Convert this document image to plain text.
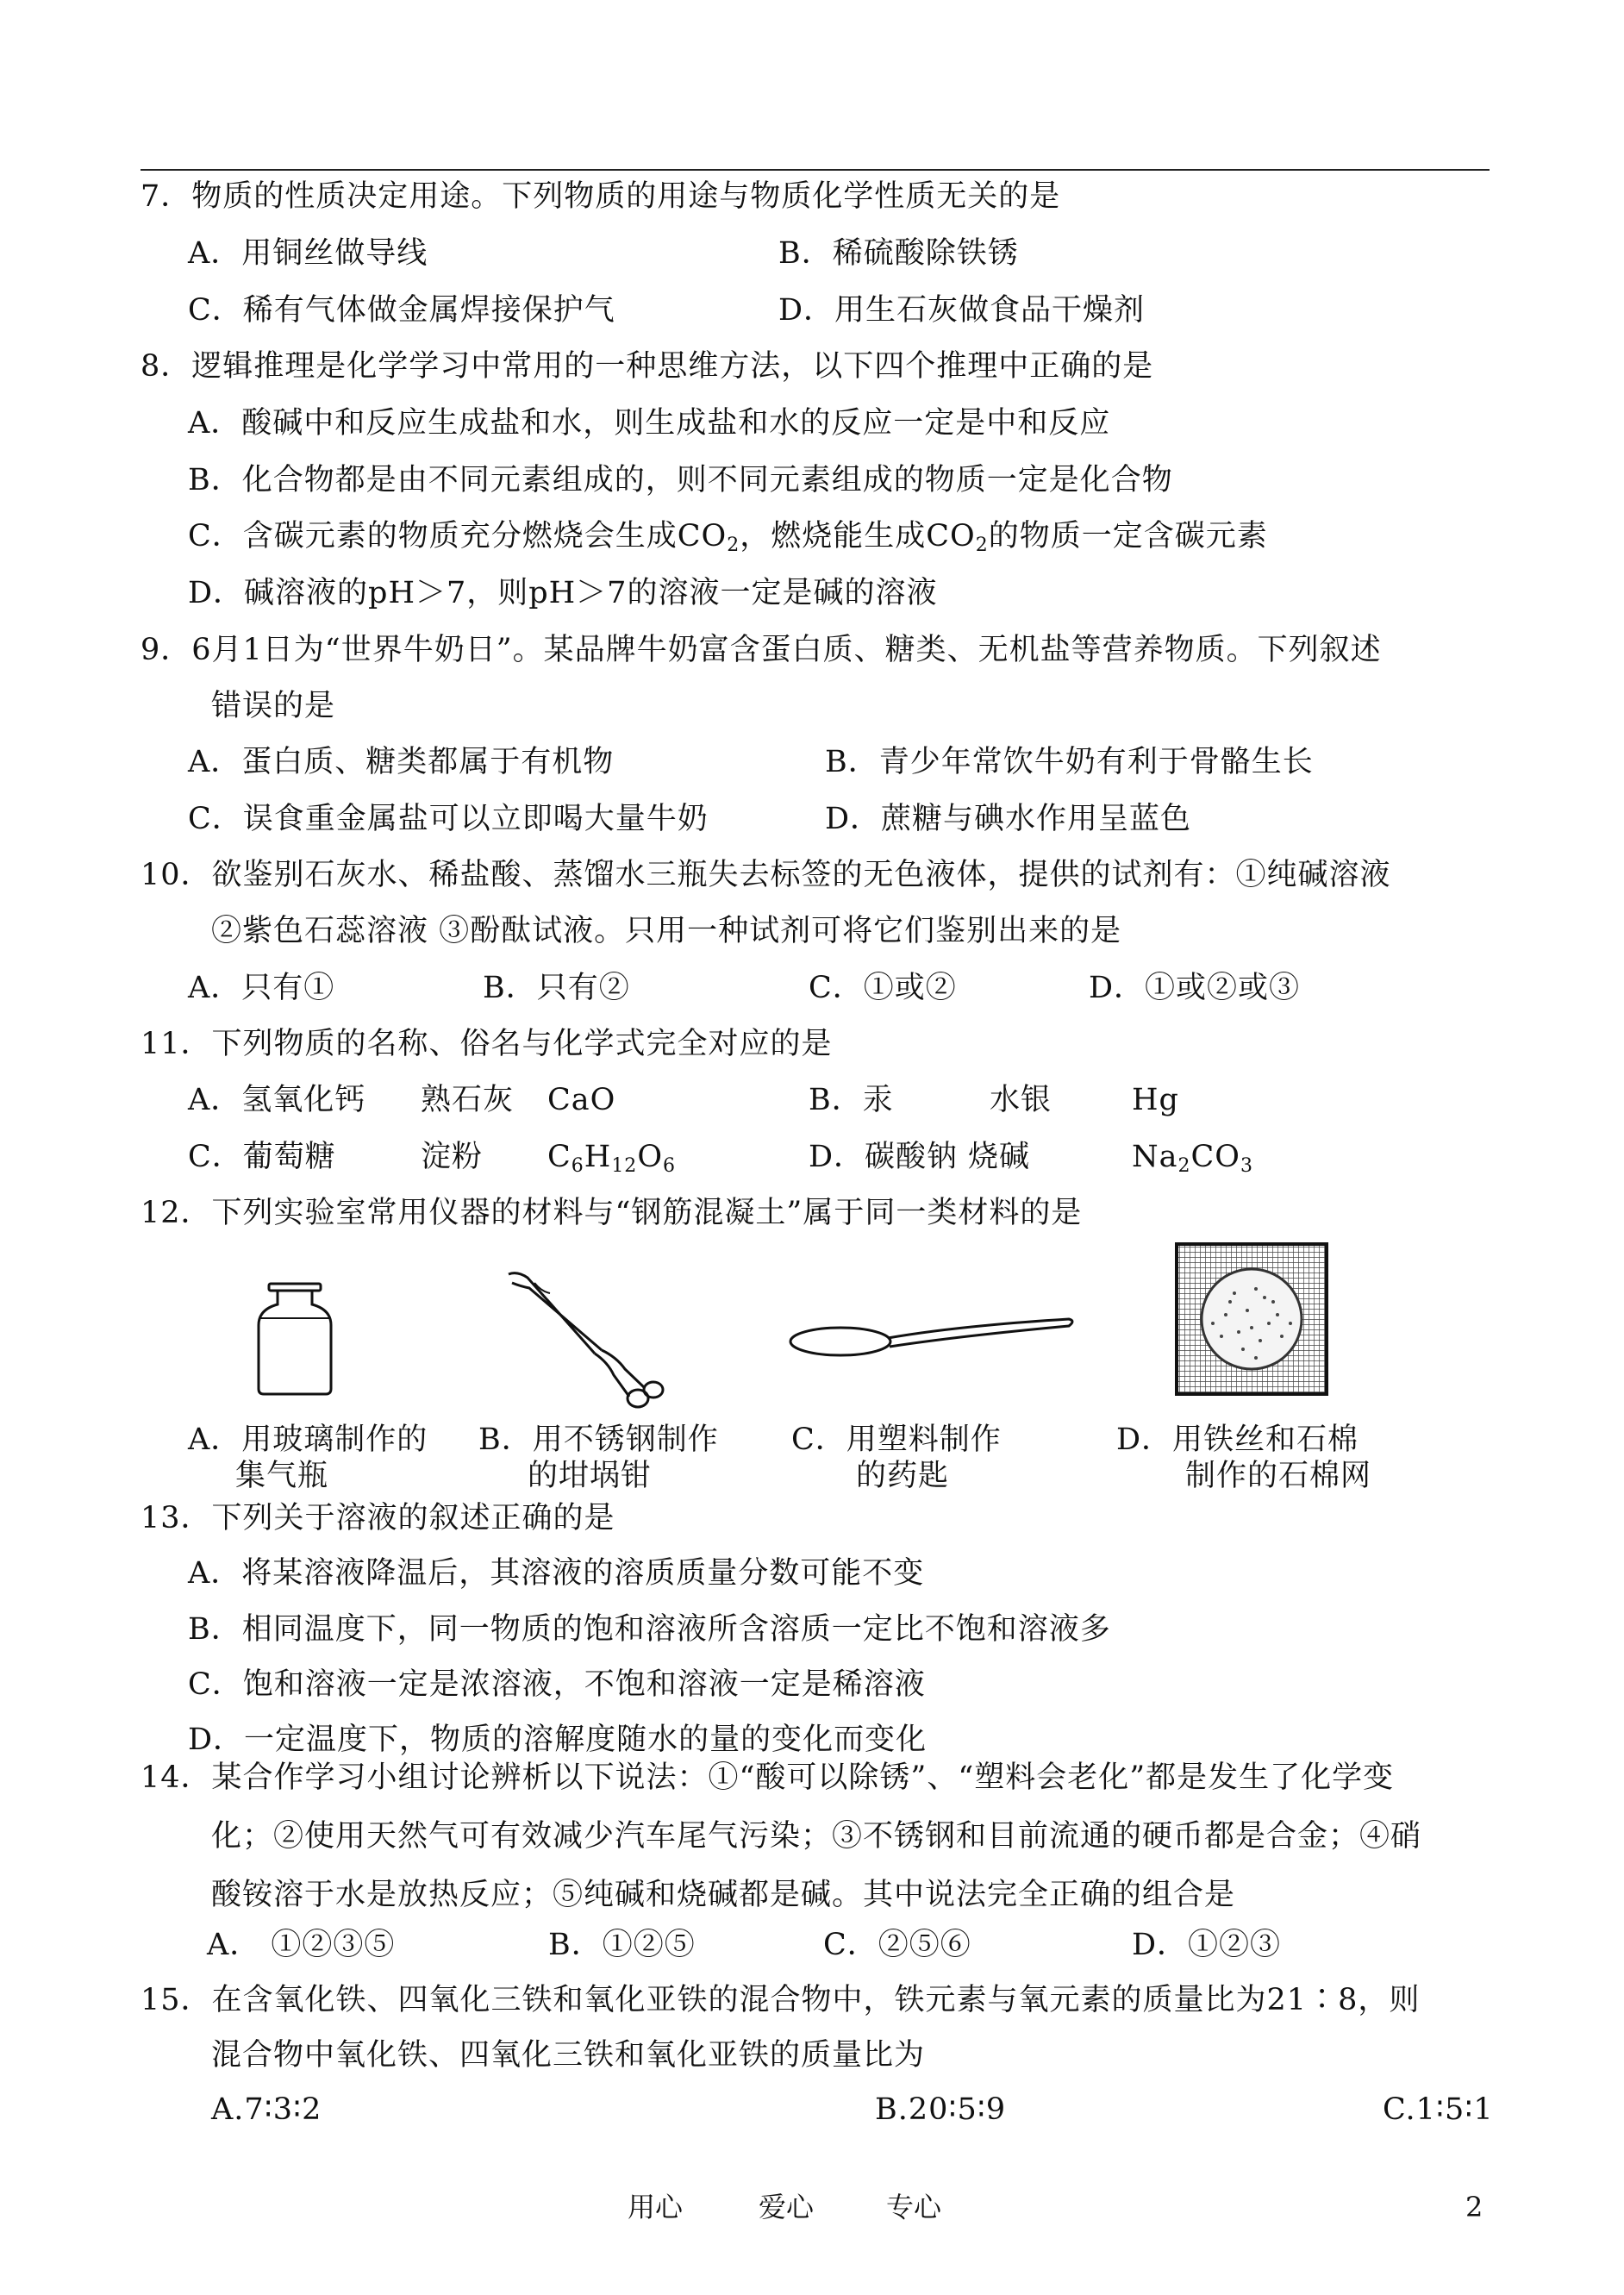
7．物质的性质决定用途。下列物质的用途与物质化学性质无关的是
A．用铜丝做导线	B．稀硫酸除铁锈
C．稀有气体做金属焊接保护气	D．用生石灰做食品干燥剂
8．逻辑推理是化学学习中常用的一种思维方法，以下四个推理中正确的是
A．酸碱中和反应生成盐和水，则生成盐和水的反应一定是中和反应
B．化合物都是由不同元素组成的，则不同元素组成的物质一定是化合物
C．含碳元素的物质充分燃烧会生成$CO_2$，燃烧能生成$CO_2$的物质一定含碳元素
D．碱溶液的pH＞7，则pH＞7的溶液一定是碱的溶液
9．6月1日为“世界牛奶日”。某品牌牛奶富含蛋白质、糖类、无机盐等营养物质。下列叙述
错误的是
A．蛋白质、糖类都属于有机物	B．青少年常饮牛奶有利于骨骼生长
C．误食重金属盐可以立即喝大量牛奶	D．蔗糖与碘水作用呈蓝色
10．欲鉴别石灰水、稀盐酸、蒸馏水三瓶失去标签的无色液体，提供的试剂有：①纯碱溶液
②紫色石蕊溶液 ③酚酞试液。只用一种试剂可将它们鉴别出来的是
A．只有①	B．只有②	C．①或②	D．①或②或③
11．下列物质的名称、俗名与化学式完全对应的是
A．氢氧化钙 熟石灰 CaO	B．汞	水银	Hg
C．葡萄糖	淀粉 $C_6H_{12}O_6$	D．碳酸钠 烧碱	$Na_2CO_3$
12．下列实验室常用仪器的材料与“钢筋混凝土”属于同一类材料的是
A．用玻璃制作的
集气瓶
B．用不锈钢制作
的坩埚钳
C．用塑料制作
的药匙
D．用铁丝和石棉
制作的石棉网
13．下列关于溶液的叙述正确的是
A．将某溶液降温后，其溶液的溶质质量分数可能不变
B．相同温度下，同一物质的饱和溶液所含溶质一定比不饱和溶液多
C．饱和溶液一定是浓溶液，不饱和溶液一定是稀溶液
D．一定温度下，物质的溶解度随水的量的变化而变化
14．某合作学习小组讨论辨析以下说法：①“酸可以除锈”、“塑料会老化”都是发生了化学变
化；②使用天然气可有效减少汽车尾气污染；③不锈钢和目前流通的硬币都是合金；④硝
酸铵溶于水是放热反应；⑤纯碱和烧碱都是碱。其中说法完全正确的组合是
A． ①②③⑤	B．①②⑤	C．②⑤⑥	D．①②③
15．在含氧化铁、四氧化三铁和氧化亚铁的混合物中，铁元素与氧元素的质量比为21∶8，则
混合物中氧化铁、四氧化三铁和氧化亚铁的质量比为
A.7∶3∶2	B.20∶5∶9	C.1∶5∶1
用心	爱心	专心	2
